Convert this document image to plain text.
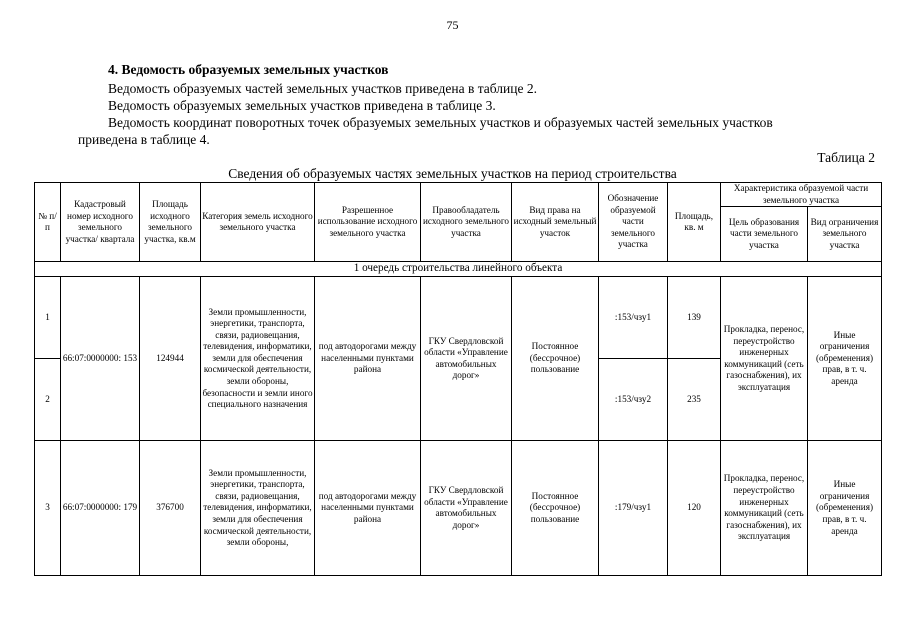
75
4. Ведомость образуемых земельных участков
Ведомость образуемых частей земельных участков приведена в таблице 2.
Ведомость образуемых земельных участков приведена в таблице 3.
Ведомость координат поворотных точек образуемых земельных участков и образуемых частей земельных участков
приведена в таблице 4.
Таблица 2
Сведения об образуемых частях земельных участков на период строительства
№ п/п	Кадастровый номер исходного земельного участка/ квартала	Площадь исходного земельного участка, кв.м	Категория земель исходного земельного участка	Разрешенное использование исходного земельного участка	Правообладатель исходного земельного участка	Вид права на исходный земельный участок	Обозначение образуемой части земельного участка	Площадь, кв. м	Характеристика образуемой части земельного участка	
									Цель образования части земельного участка	Вид ограничения земельного участка
1 очередь строительства линейного объекта										
1	66:07:0000000: 153	124944	Земли промышленности, энергетики, транспорта, связи, радиовещания, телевидения, информатики, земли для обеспечения космической деятельности, земли обороны, безопасности и земли иного специального назначения	под автодорогами между населенными пунктами района	ГКУ Свердловской области «Управление автомобильных дорог»	Постоянное (бессрочное) пользование	:153/чзу1	139	Прокладка, перенос, переустройство инженерных коммуникаций (сеть газоснабжения), их эксплуатация	Иные ограничения (обременения) прав, в т. ч. аренда
2							:153/чзу2	235		
3	66:07:0000000: 179	376700	Земли промышленности, энергетики, транспорта, связи, радиовещания, телевидения, информатики, земли для обеспечения космической деятельности, земли обороны,	под автодорогами между населенными пунктами района	ГКУ Свердловской области «Управление автомобильных дорог»	Постоянное (бессрочное) пользование	:179/чзу1	120	Прокладка, перенос, переустройство инженерных коммуникаций (сеть газоснабжения), их эксплуатация	Иные ограничения (обременения) прав, в т. ч. аренда
